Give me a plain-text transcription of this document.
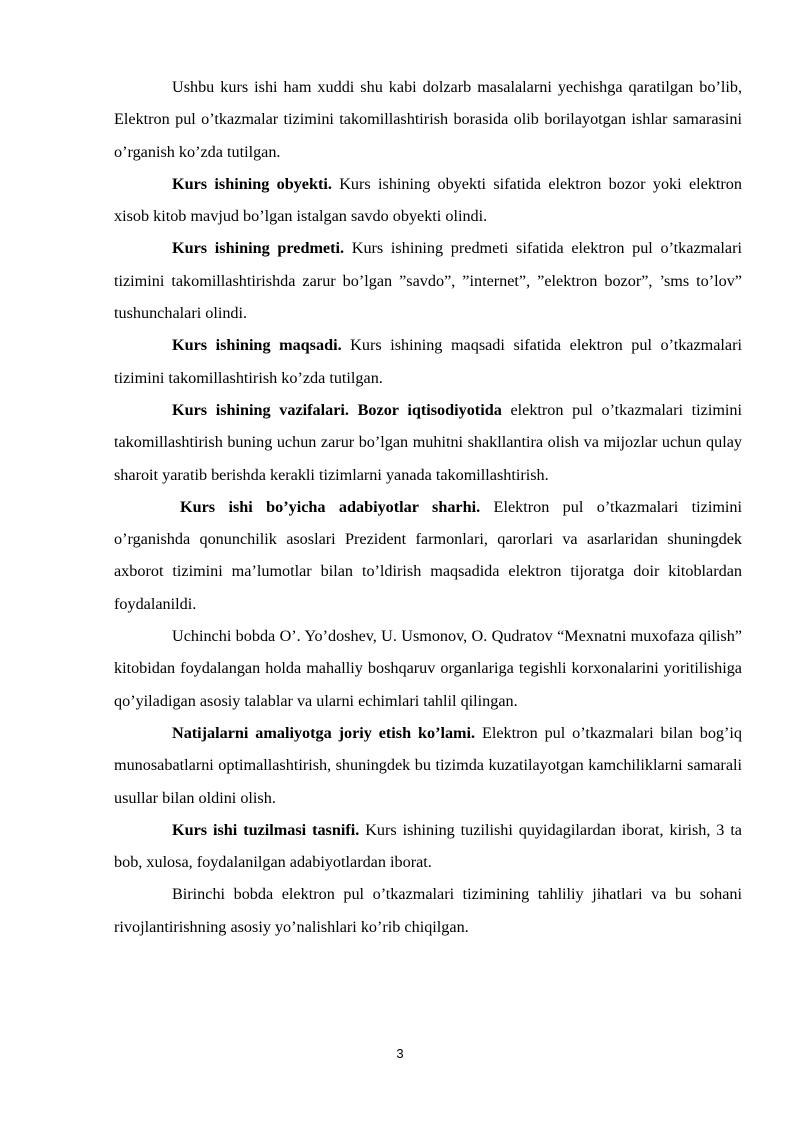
Ushbu kurs ishi ham xuddi shu kabi dolzarb masalalarni yechishga qaratilgan bo’lib, Elektron pul o’tkazmalar tizimini takomillashtirish borasida olib borilayotgan ishlar samarasini o’rganish ko’zda tutilgan.

Kurs ishining obyekti. Kurs ishining obyekti sifatida elektron bozor yoki elektron xisob kitob mavjud bo’lgan istalgan savdo obyekti olindi.

Kurs ishining predmeti. Kurs ishining predmeti sifatida elektron pul o’tkazmalari tizimini takomillashtirishda zarur bo’lgan ”savdo”, ”internet”, ”elektron bozor”, ’sms to’lov” tushunchalari olindi.

Kurs ishining maqsadi. Kurs ishining maqsadi sifatida elektron pul o’tkazmalari tizimini takomillashtirish ko’zda tutilgan.

Kurs ishining vazifalari. Bozor iqtisodiyotida elektron pul o’tkazmalari tizimini takomillashtirish buning uchun zarur bo’lgan muhitni shakllantira olish va mijozlar uchun qulay sharoit yaratib berishda kerakli tizimlarni yanada takomillashtirish.

Kurs ishi bo’yicha adabiyotlar sharhi. Elektron pul o’tkazmalari tizimini o’rganishda qonunchilik asoslari Prezident farmonlari, qarorlari va asarlaridan shuningdek axborot tizimini ma’lumotlar bilan to’ldirish maqsadida elektron tijoratga doir kitoblardan foydalanildi.

Uchinchi bobda O’. Yo’doshev, U. Usmonov, O. Qudratov “Mexnatni muxofaza qilish” kitobidan foydalangan holda mahalliy boshqaruv organlariga tegishli korxonalarini yoritilishiga qo’yiladigan asosiy talablar va ularni echimlari tahlil qilingan.

Natijalarni amaliyotga joriy etish ko’lami. Elektron pul o’tkazmalari bilan bog’iq munosabatlarni optimallashtirish, shuningdek bu tizimda kuzatilayotgan kamchiliklarni samarali usullar bilan oldini olish.

Kurs ishi tuzilmasi tasnifi. Kurs ishining tuzilishi quyidagilardan iborat, kirish, 3 ta bob, xulosa, foydalanilgan adabiyotlardan iborat.

Birinchi bobda elektron pul o’tkazmalari tizimining tahliliy jihatlari va bu sohani rivojlantirishning asosiy yo’nalishlari ko’rib chiqilgan.

3
